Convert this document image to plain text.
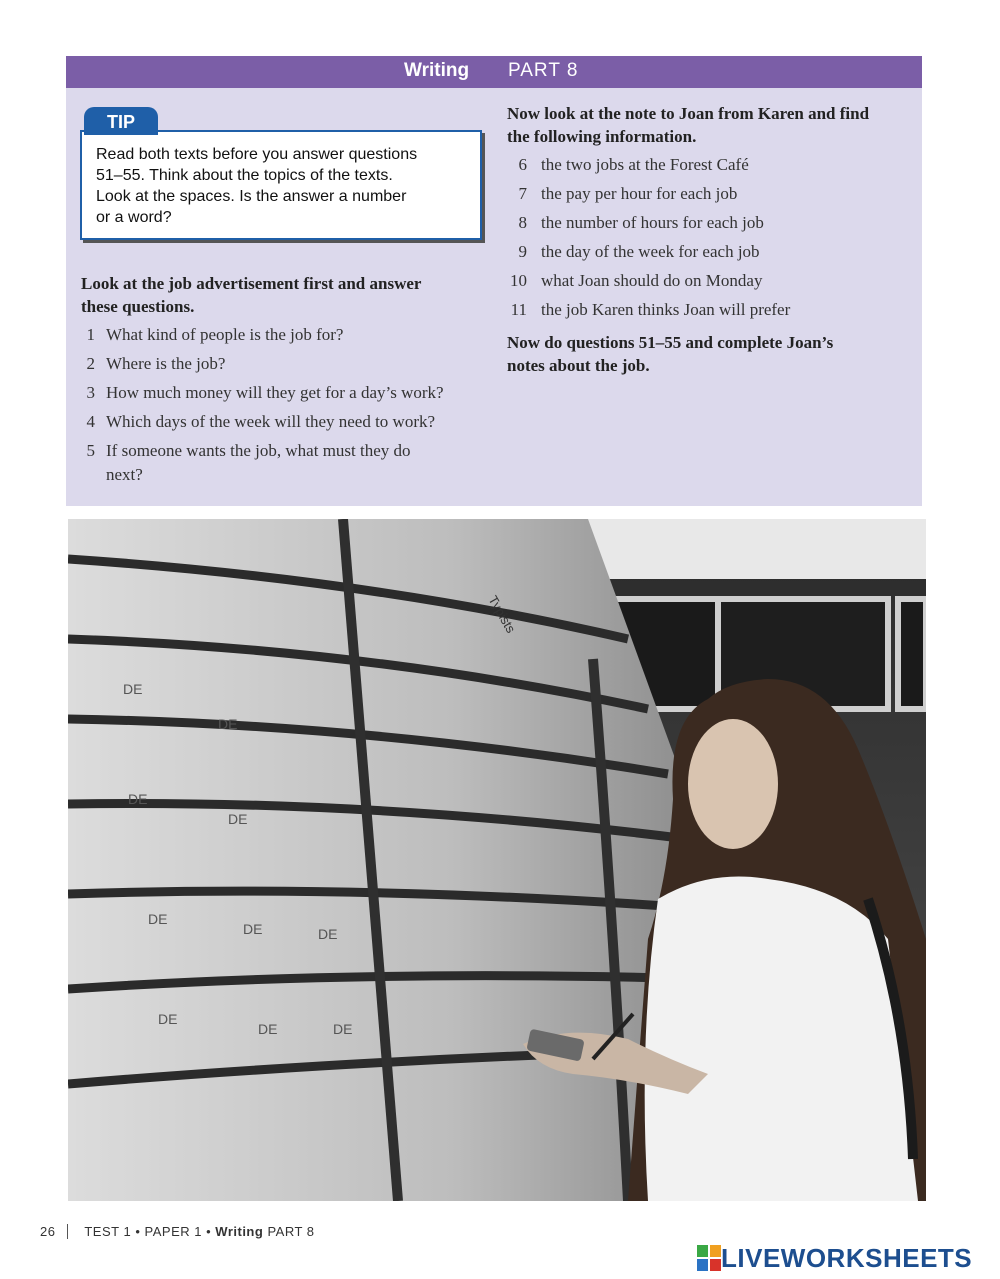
Writing PART 8
Read both texts before you answer questions
51–55. Think about the topics of the texts.
Look at the spaces. Is the answer a number
or a word?
TIP
Look at the job advertisement first and answer
these questions.
1 What kind of people is the job for?
2 Where is the job?
3 How much money will they get for a day’s work?
4 Which days of the week will they need to work?
5 If someone wants the job, what must they do
next?
Now look at the note to Joan from Karen and find
the following information.
6 the two jobs at the Forest Café
7 the pay per hour for each job
8 the number of hours for each job
9 the day of the week for each job
10 what Joan should do on Monday
11 the job Karen thinks Joan will prefer
Now do questions 51–55 and complete Joan’s
notes about the job.
DE
DE
DE
DE
DE
DE	DE
DE
DE	DE
Typists
26 TEST 1 • PAPER 1 • Writing PART 8
LIVEWORKSHEETS
